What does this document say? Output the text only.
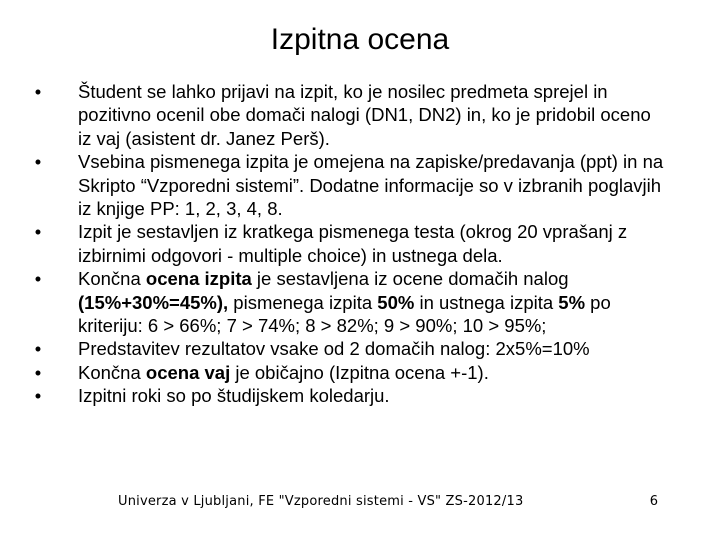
Izpitna ocena
•	Študent se lahko prijavi na izpit, ko je nosilec predmeta sprejel in pozitivno ocenil obe domači nalogi (DN1, DN2) in, ko je pridobil oceno iz vaj (asistent dr. Janez Perš).
•	Vsebina pismenega izpita je omejena na zapiske/predavanja (ppt) in na Skripto “Vzporedni sistemi”. Dodatne informacije so v izbranih poglavjih iz knjige PP: 1, 2, 3, 4, 8.
•	Izpit je sestavljen iz kratkega pismenega testa (okrog 20 vprašanj z izbirnimi odgovori - multiple choice) in ustnega dela.
•	Končna ocena izpita je sestavljena iz ocene domačih nalog (15%+30%=45%), pismenega izpita 50% in ustnega izpita 5% po kriteriju: 6 > 66%; 7 > 74%; 8 > 82%; 9 > 90%; 10 > 95%;
•	Predstavitev rezultatov vsake od 2 domačih nalog: 2x5%=10%
•	Končna ocena vaj je običajno (Izpitna ocena +-1).
•	Izpitni roki so po študijskem koledarju.
Univerza v Ljubljani, FE "Vzporedni sistemi - VS" ZS-2012/13	6
